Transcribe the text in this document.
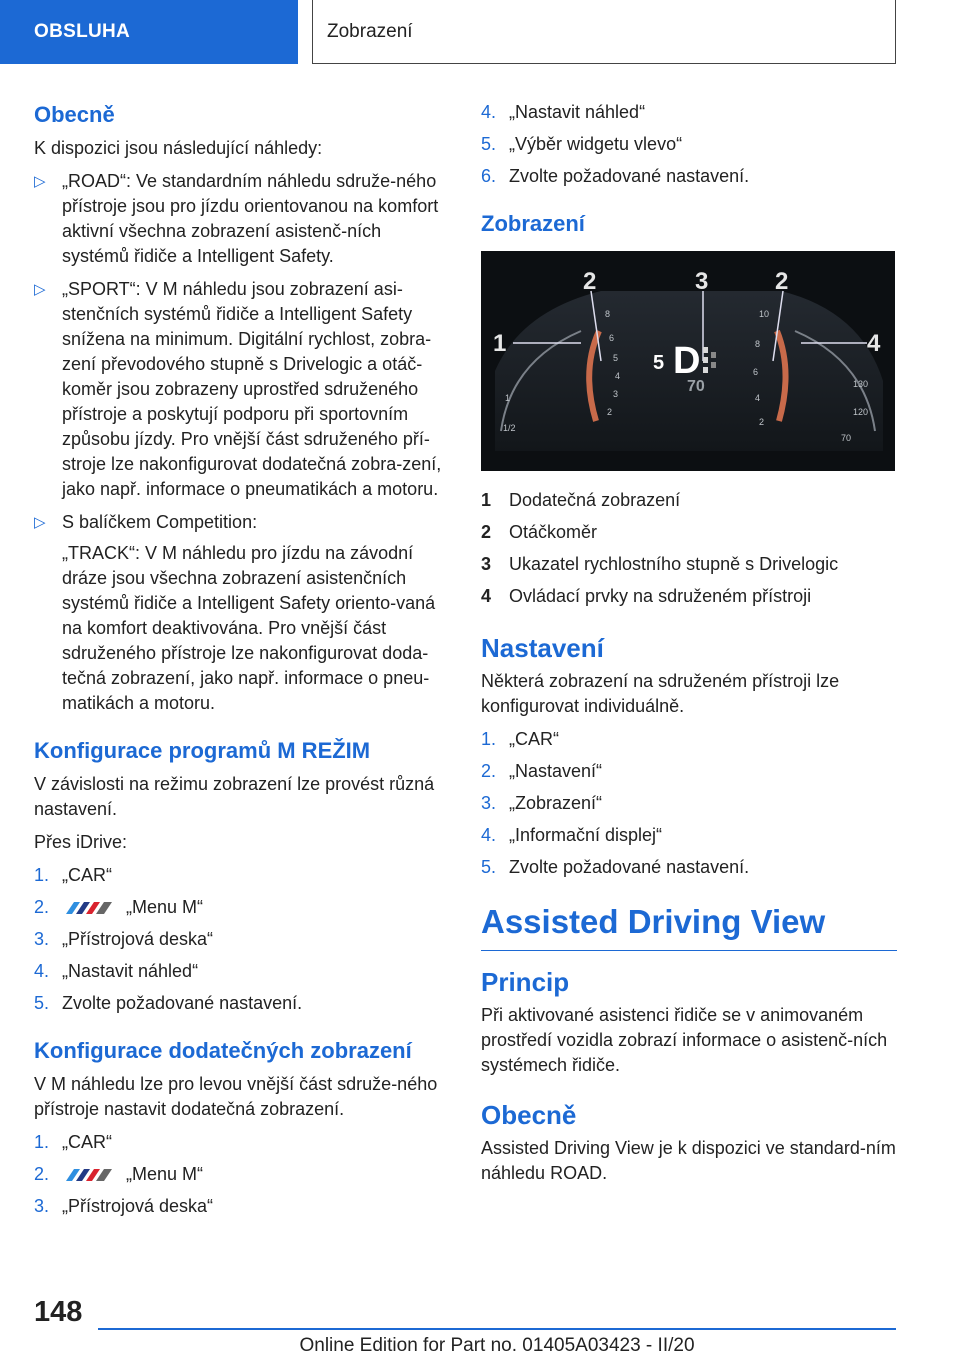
OBSLUHA	Zobrazení
Obecně

K dispozici jsou následující náhledy:

▷ „ROAD“: Ve standardním náhledu sdruže‐ného přístroje jsou pro jízdu orientovanou na komfort aktivní všechna zobrazení asistenč‐ních systémů řidiče a Intelligent Safety.
▷ „SPORT“: V M náhledu jsou zobrazení asi‐stenčních systémů řidiče a Intelligent Safety snížena na minimum. Digitální rychlost, zobra‐zení převodového stupně s Drivelogic a otáč‐koměr jsou zobrazeny uprostřed sdruženého přístroje a poskytují podporu při sportovním způsobu jízdy. Pro vnější část sdruženého pří‐stroje lze nakonfigurovat dodatečná zobra‐zení, jako např. informace o pneumatikách a motoru.
▷ S balíčkem Competition:

„TRACK“: V M náhledu pro jízdu na závodní dráze jsou všechna zobrazení asistenčních systémů řidiče a Intelligent Safety oriento‐vaná na komfort deaktivována. Pro vnější část sdruženého přístroje lze nakonfigurovat doda‐tečná zobrazení, jako např. informace o pneu‐matikách a motoru.

Konfigurace programů M REŽIM

V závislosti na režimu zobrazení lze provést různá nastavení.

Přes iDrive:

1. „CAR“
2.	„Menu M“
3. „Přístrojová deska“
4. „Nastavit náhled“
5. Zvolte požadované nastavení.
Konfigurace dodatečných zobrazení

V M náhledu lze pro levou vnější část sdruže‐ného přístroje nastavit dodatečná zobrazení.

1. „CAR“
2.	„Menu M“
3. „Přístrojová deska“
4. „Nastavit náhled“
5. „Výběr widgetu vlevo“
6. Zvolte požadované nastavení.
Zobrazení
1
2	3	2
4
8
6
5
4
3
2
1
1/2
10
8
6
4
2
130
120
70
5 D
70
1 Dodatečná zobrazení
2 Otáčkoměr
3 Ukazatel rychlostního stupně s Drivelogic
4 Ovládací prvky na sdruženém přístroji
Nastavení

Některá zobrazení na sdruženém přístroji lze konfigurovat individuálně.

1. „CAR“
2. „Nastavení“
3. „Zobrazení“
4. „Informační displej“
5. Zvolte požadované nastavení.
Assisted Driving View
Princip

Při aktivované asistenci řidiče se v animovaném prostředí vozidla zobrazí informace o asistenč‐ních systémech řidiče.

Obecně

Assisted Driving View je k dispozici ve standard‐ním náhledu ROAD.

148
Online Edition for Part no. 01405A03423 - II/20
